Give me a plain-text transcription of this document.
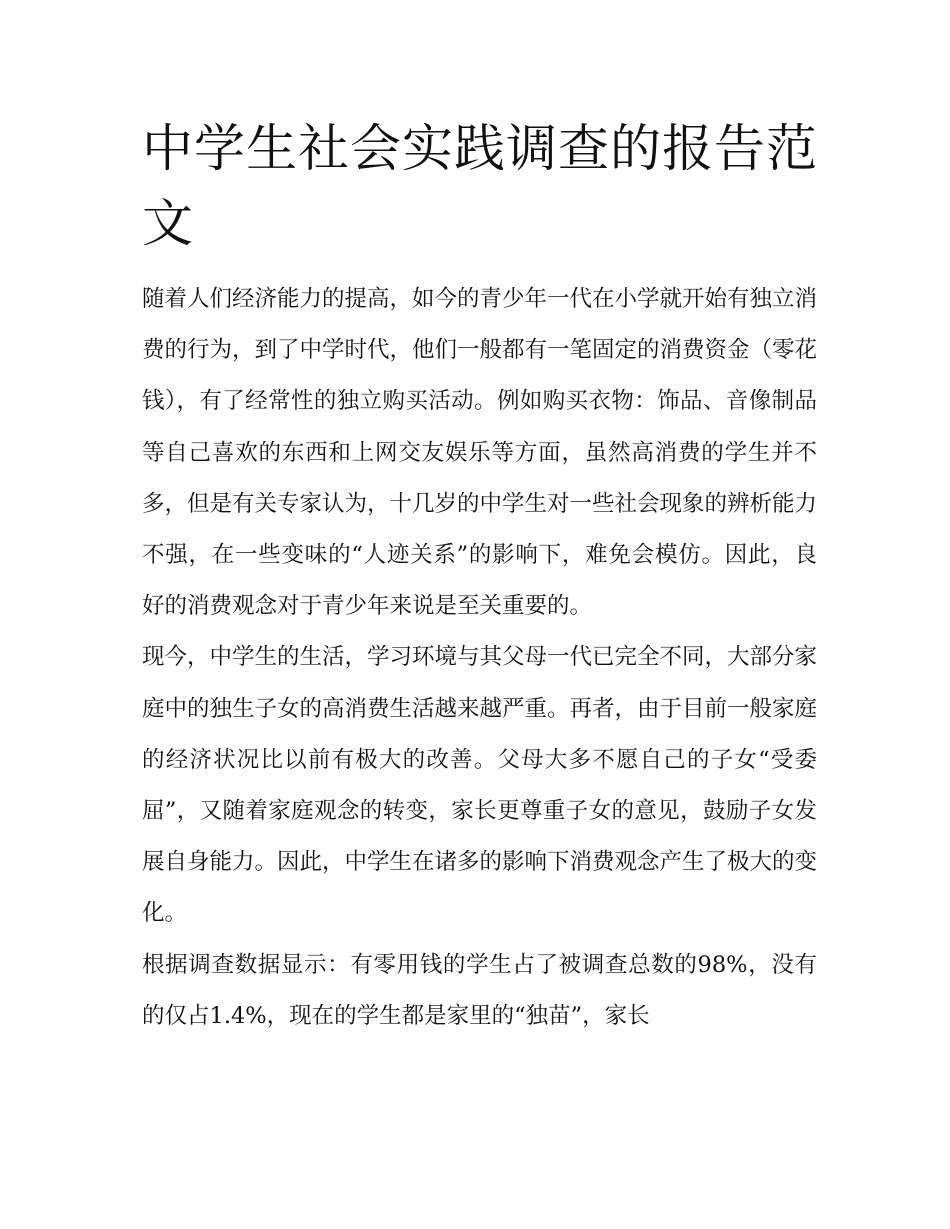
中学生社会实践调查的报告范文

随着人们经济能力的提高，如今的青少年一代在小学就开始有独立消费的行为，到了中学时代，他们一般都有一笔固定的消费资金（零花钱），有了经常性的独立购买活动。例如购买衣物：饰品、音像制品等自己喜欢的东西和上网交友娱乐等方面，虽然高消费的学生并不多，但是有关专家认为，十几岁的中学生对一些社会现象的辨析能力不强，在一些变味的“人迹关系”的影响下，难免会模仿。因此，良好的消费观念对于青少年来说是至关重要的。

现今，中学生的生活，学习环境与其父母一代已完全不同，大部分家庭中的独生子女的高消费生活越来越严重。再者，由于目前一般家庭的经济状况比以前有极大的改善。父母大多不愿自己的子女“受委屈”，又随着家庭观念的转变，家长更尊重子女的意见，鼓励子女发展自身能力。因此，中学生在诸多的影响下消费观念产生了极大的变化。

根据调查数据显示：有零用钱的学生占了被调查总数的98%，没有的仅占1.4%，现在的学生都是家里的“独苗”，家长
